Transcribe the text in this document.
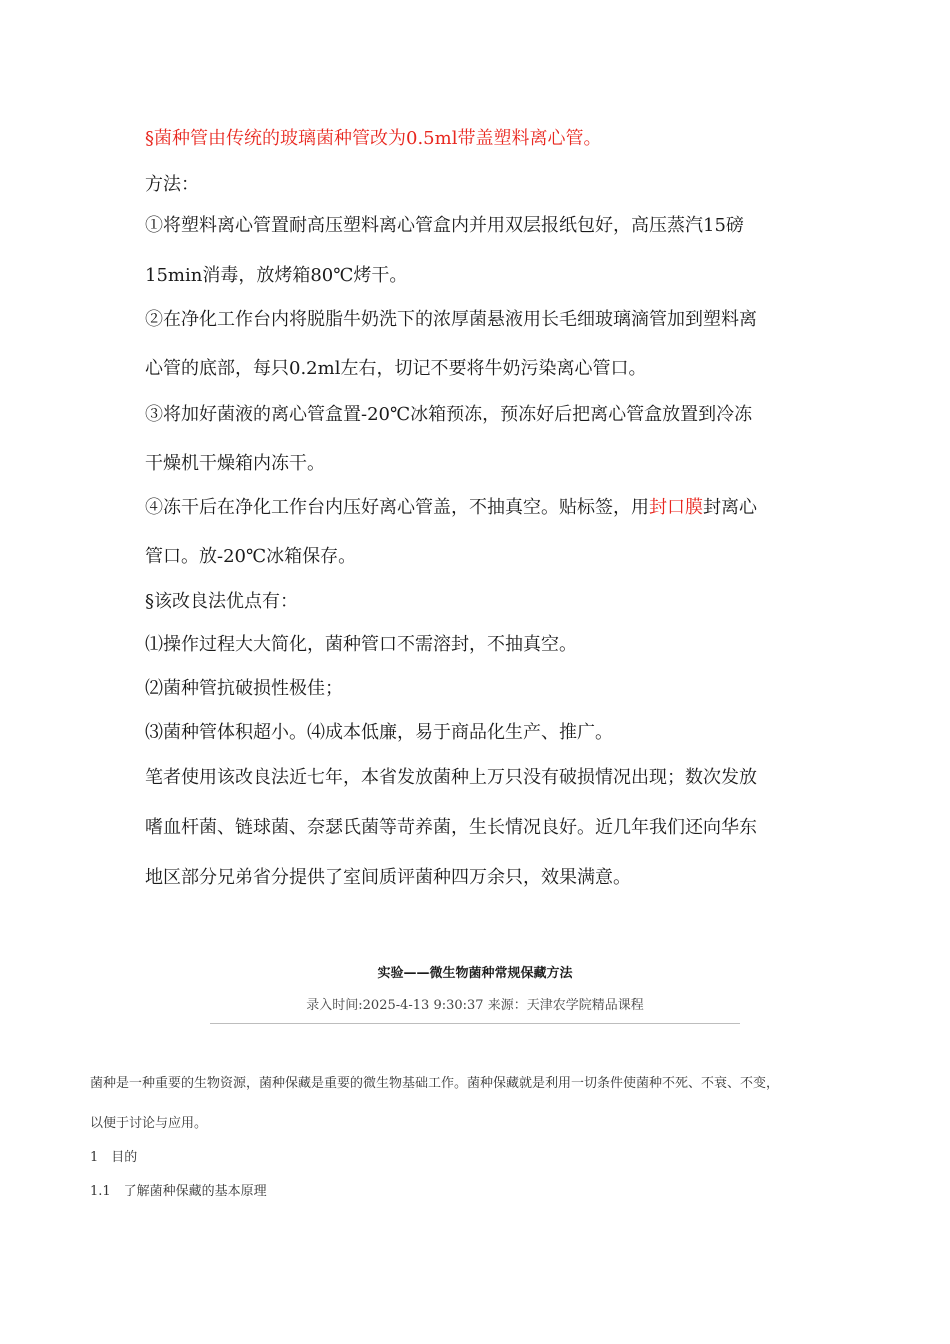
§菌种管由传统的玻璃菌种管改为0.5ml带盖塑料离心管。
方法：
①将塑料离心管置耐高压塑料离心管盒内并用双层报纸包好，高压蒸汽15磅
15min消毒，放烤箱80℃烤干。
②在净化工作台内将脱脂牛奶洗下的浓厚菌悬液用长毛细玻璃滴管加到塑料离
心管的底部，每只0.2ml左右，切记不要将牛奶污染离心管口。
③将加好菌液的离心管盒置-20℃冰箱预冻，预冻好后把离心管盒放置到冷冻
干燥机干燥箱内冻干。
④冻干后在净化工作台内压好离心管盖，不抽真空。贴标签，用封口膜封离心
管口。放-20℃冰箱保存。
§该改良法优点有：
⑴操作过程大大简化，菌种管口不需溶封，不抽真空。
⑵菌种管抗破损性极佳；
⑶菌种管体积超小。⑷成本低廉，易于商品化生产、推广。
笔者使用该改良法近七年，本省发放菌种上万只没有破损情况出现；数次发放
嗜血杆菌、链球菌、奈瑟氏菌等苛养菌，生长情况良好。近几年我们还向华东
地区部分兄弟省分提供了室间质评菌种四万余只，效果满意。
实验——微生物菌种常规保藏方法
录入时间:2025-4-13 9:30:37 来源：天津农学院精品课程
菌种是一种重要的生物资源，菌种保藏是重要的微生物基础工作。菌种保藏就是利用一切条件使菌种不死、不衰、不变，
以便于讨论与应用。
1　目的
1.1　了解菌种保藏的基本原理
